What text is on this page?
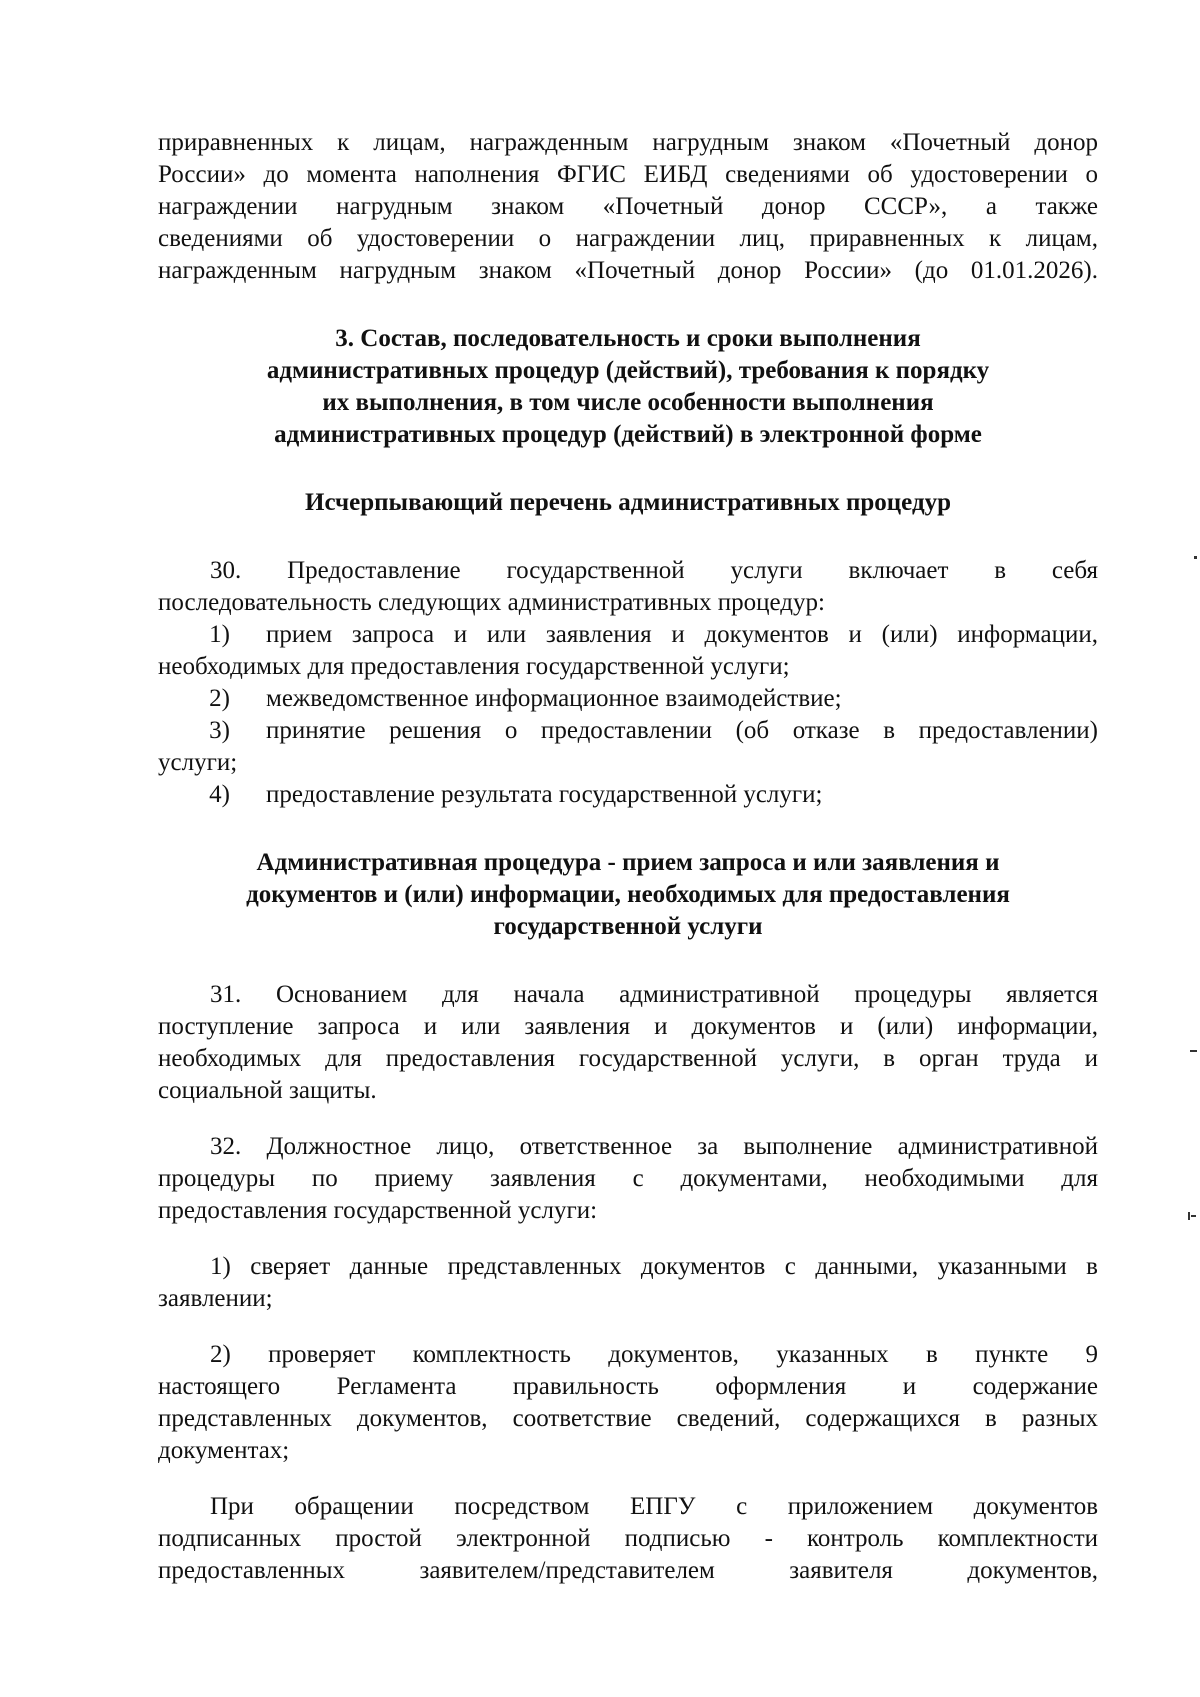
приравненных к лицам, награжденным нагрудным знаком «Почетный донор
России» до момента наполнения ФГИС ЕИБД сведениями об удостоверении о
награждении нагрудным знаком «Почетный донор СССР», а также
сведениями об удостоверении о награждении лиц, приравненных к лицам,
награжденным нагрудным знаком «Почетный донор России» (до 01.01.2026).
3. Состав, последовательность и сроки выполнения
административных процедур (действий), требования к порядку
их выполнения, в том числе особенности выполнения
административных процедур (действий) в электронной форме
Исчерпывающий перечень административных процедур
30. Предоставление государственной услуги включает в себя
последовательность следующих административных процедур:
1)	прием запроса и или заявления и документов и (или) информации,
необходимых для предоставления государственной услуги;
2)	межведомственное информационное взаимодействие;
3)	принятие решения о предоставлении (об отказе в предоставлении)
услуги;
4)	предоставление результата государственной услуги;
Административная процедура - прием запроса и или заявления и
документов и (или) информации, необходимых для предоставления
государственной услуги
31. Основанием для начала административной процедуры является
поступление запроса и или заявления и документов и (или) информации,
необходимых для предоставления государственной услуги, в орган труда и
социальной защиты.
32. Должностное лицо, ответственное за выполнение административной
процедуры по приему заявления с документами, необходимыми для
предоставления государственной услуги:
1) сверяет данные представленных документов с данными, указанными в
заявлении;
2) проверяет комплектность документов, указанных в пункте 9
настоящего Регламента правильность оформления и содержание
представленных документов, соответствие сведений, содержащихся в разных
документах;
При обращении посредством ЕПГУ с приложением документов
подписанных простой электронной подписью - контроль комплектности
предоставленных заявителем/представителем заявителя документов,
